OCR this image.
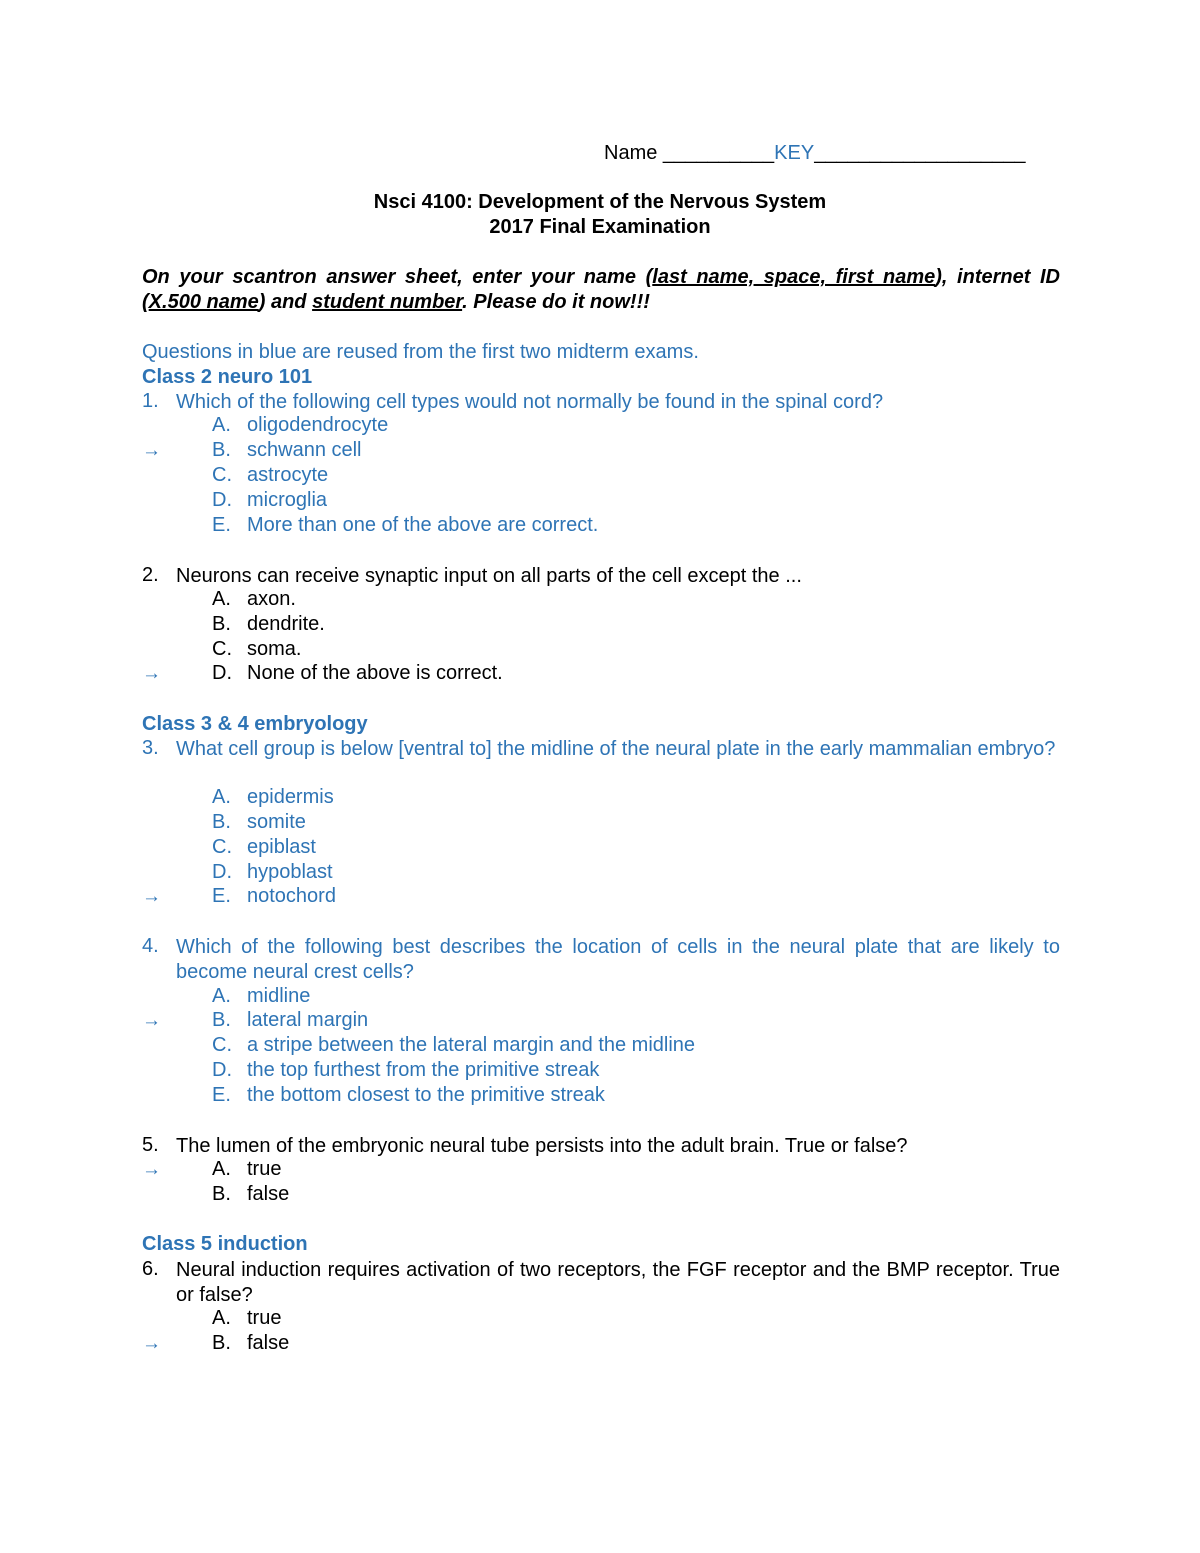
Name __________KEY___________________
Nsci 4100: Development of the Nervous System
2017 Final Examination
On your scantron answer sheet, enter your name (last name, space, first name), internet ID (X.500 name) and student number. Please do it now!!!
Questions in blue are reused from the first two midterm exams.
Class 2 neuro 101
1. Which of the following cell types would not normally be found in the spinal cord?
A. oligodendrocyte
→	B. schwann cell
C. astrocyte
D. microglia
E. More than one of the above are correct.
2. Neurons can receive synaptic input on all parts of the cell except the ...
A. axon.
B. dendrite.
C. soma.
→	D. None of the above is correct.
Class 3 & 4 embryology
3. What cell group is below [ventral to] the midline of the neural plate in the early mammalian embryo?
A. epidermis
B. somite
C. epiblast
D. hypoblast
→	E. notochord
4. Which of the following best describes the location of cells in the neural plate that are likely to become neural crest cells?
A. midline
→	B. lateral margin
C. a stripe between the lateral margin and the midline
D. the top furthest from the primitive streak
E. the bottom closest to the primitive streak
5. The lumen of the embryonic neural tube persists into the adult brain. True or false?
→	A. true
B. false
Class 5 induction
6. Neural induction requires activation of two receptors, the FGF receptor and the BMP receptor. True or false?
A. true
→	B. false
